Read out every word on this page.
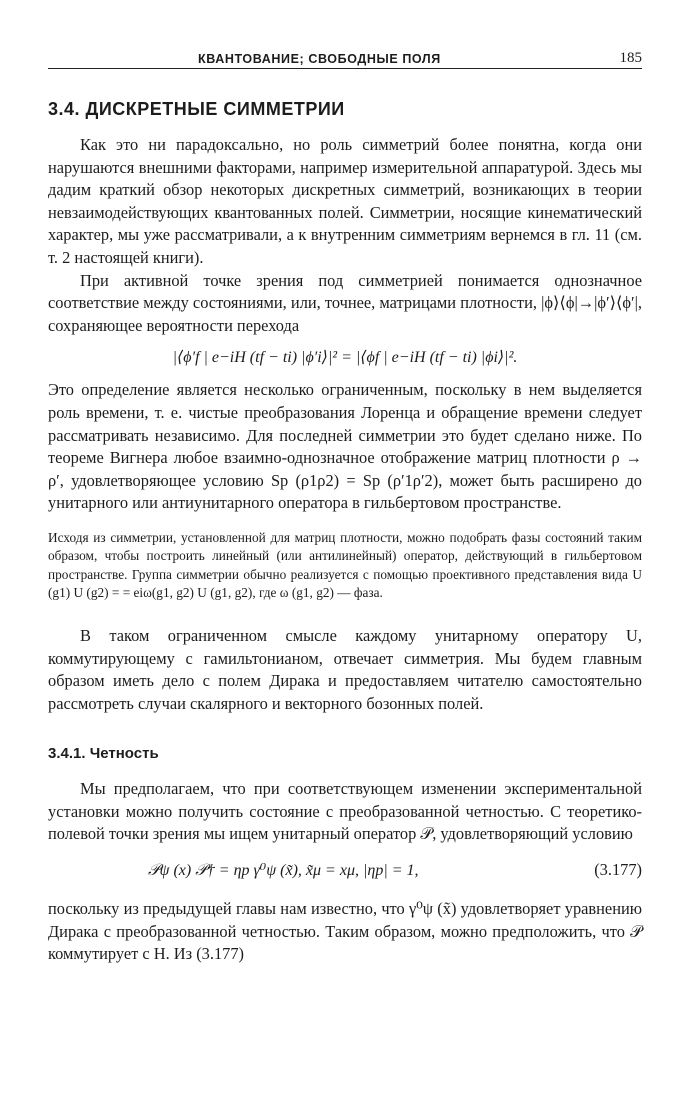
КВАНТОВАНИЕ; СВОБОДНЫЕ ПОЛЯ	185
3.4. ДИСКРЕТНЫЕ СИММЕТРИИ

Как это ни парадоксально, но роль симметрий более понятна, когда они нарушаются внешними факторами, например измерительной аппаратурой. Здесь мы дадим краткий обзор некоторых дискретных симметрий, возникающих в теории невзаимодействующих квантованных полей. Симметрии, носящие кинематический характер, мы уже рассматривали, а к внутренним симметриям вернемся в гл. 11 (см. т. 2 настоящей книги).

При активной точке зрения под симметрией понимается однозначное соответствие между состояниями, или, точнее, матрицами плотности, |ϕ⟩⟨ϕ|→|ϕ′⟩⟨ϕ′|, сохраняющее вероятности перехода

|⟨ϕ′f | e−iH (tf − ti) |ϕ′i⟩|² = |⟨ϕf | e−iH (tf − ti) |ϕi⟩|².

Это определение является несколько ограниченным, поскольку в нем выделяется роль времени, т. е. чистые преобразования Лоренца и обращение времени следует рассматривать независимо. Для последней симметрии это будет сделано ниже. По теореме Вигнера любое взаимно-однозначное отображение матриц плотности ρ → ρ′, удовлетворяющее условию Sp (ρ1ρ2) = Sp (ρ′1ρ′2), может быть расширено до унитарного или антиунитарного оператора в гильбертовом пространстве.

Исходя из симметрии, установленной для матриц плотности, можно подобрать фазы состояний таким образом, чтобы построить линейный (или антилинейный) оператор, действующий в гильбертовом пространстве. Группа симметрии обычно реализуется с помощью проективного представления вида U (g1) U (g2) = = eiω(g1, g2) U (g1, g2), где ω (g1, g2) — фаза.

В таком ограниченном смысле каждому унитарному оператору U, коммутирующему с гамильтонианом, отвечает симметрия. Мы будем главным образом иметь дело с полем Дирака и предоставляем читателю самостоятельно рассмотреть случаи скалярного и векторного бозонных полей.

3.4.1. Четность

Мы предполагаем, что при соответствующем изменении экспериментальной установки можно получить состояние с преобразованной четностью. С теоретико-полевой точки зрения мы ищем унитарный оператор 𝒫, удовлетворяющий условию

𝒫ψ (x) 𝒫† = ηp γ⁰ψ (x̃), x̃μ = xμ, |ηp| = 1,	(3.177)

поскольку из предыдущей главы нам известно, что γ⁰ψ (x̃) удовлетворяет уравнению Дирака с преобразованной четностью. Таким образом, можно предположить, что 𝒫 коммутирует с H. Из (3.177)
